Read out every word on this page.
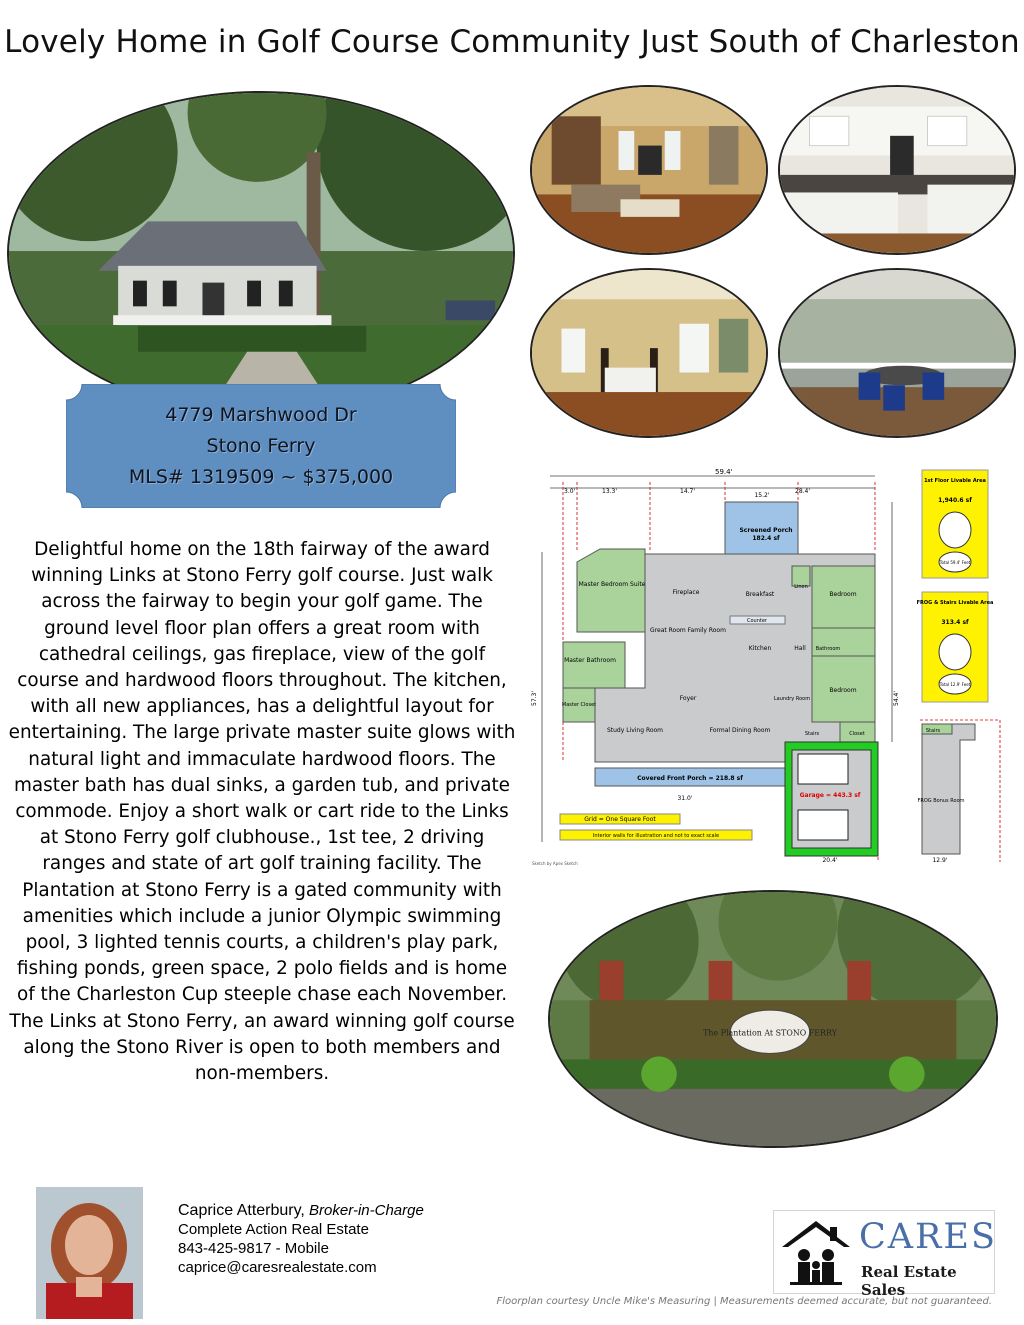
Lovely Home in Golf Course Community Just South of Charleston
4779 Marshwood Dr
Stono Ferry
MLS# 1319509 ~ $375,000
Delightful home on the 18th fairway of the award winning Links at Stono Ferry golf course. Just walk across the fairway to begin your golf game. The ground level floor plan offers a great room with cathedral ceilings, gas fireplace, view of the golf course and hardwood floors throughout. The kitchen, with all new appliances, has a delightful layout for entertaining. The large private master suite glows with natural light and immaculate hardwood floors. The master bath has dual sinks, a garden tub, and private commode. Enjoy a short walk or cart ride to the Links at Stono Ferry golf clubhouse., 1st tee, 2 driving ranges and state of art golf training facility. The Plantation at Stono Ferry is a gated community with amenities which include a junior Olympic swimming pool, 3 lighted tennis courts, a children's play park, fishing ponds, green space, 2 polo fields and is home of the Charleston Cup steeple chase each November. The Links at Stono Ferry, an award winning golf course along the Stono River is open to both members and non-members.
59.4'
3.0'	13.3'	14.7'	28.4'
57.3'	54.4'
15.2'
Screened Porch
182.4 sf
Master Bedroom Suite
Master Bathroom
Master Closet
Fireplace	Breakfast
Great Room Family Room
Counter
Kitchen
Linen
Bedroom
Bathroom
Hall
Bedroom
Closet
Stairs
Foyer	Laundry Room
Study Living Room	Formal Dining Room
Covered Front Porch = 218.8 sf
31.0'	Garage = 443.3 sf
20.4'
Grid = One Square Foot
Interior walls for illustration and not to exact scale
Sketch by Apex Sketch
Stairs
FROG Bonus Room
12.9'
1st Floor Livable Area
1,940.6 sf
Total 59.4' Feet
FROG & Stairs Livable Area
313.4 sf
Total 12.9' Feet
The Plantation At STONO FERRY
Caprice Atterbury, Broker-in-Charge
Complete Action Real Estate
843-425-9817 - Mobile
caprice@caresrealestate.com
CARES
Real Estate Sales
Floorplan courtesy Uncle Mike's Measuring | Measurements deemed accurate, but not guaranteed.
